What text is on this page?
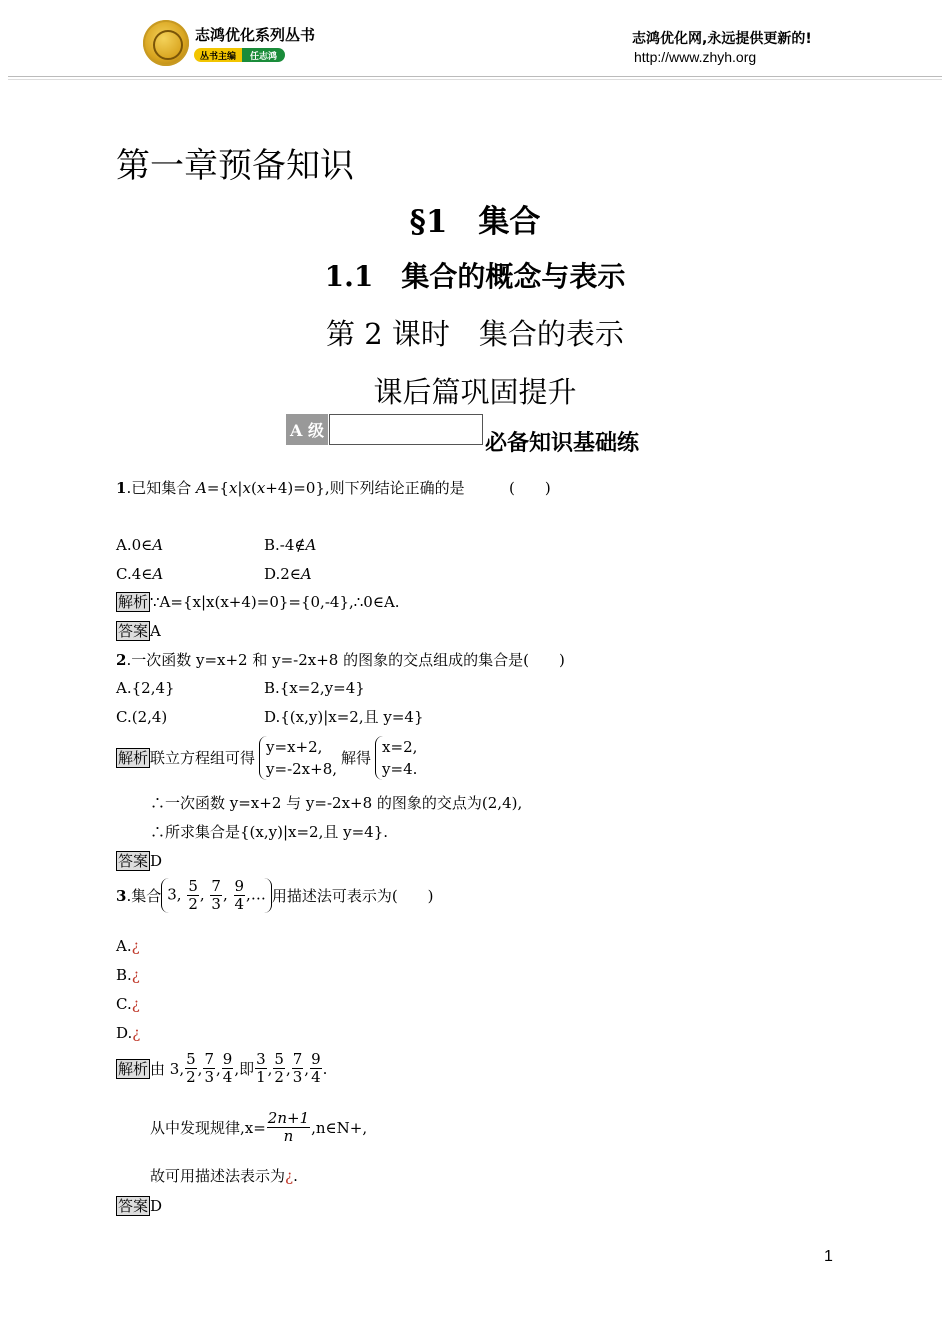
志鸿优化系列丛书
丛书主编	任志鸿
志鸿优化网,永远提供更新的!
http://www.zhyh.org
第一章预备知识
§1　集合
1.1　集合的概念与表示
第 2 课时　集合的表示
课后篇巩固提升
A 级
必备知识基础练
1.已知集合 A={x|x(x+4)=0},则下列结论正确的是	(　　)
A.0∈A	B.-4∉A
C.4∈A	D.2∈A
解析 ∵A={x|x(x+4)=0}={0,-4},∴0∈A.
答案 A
2.一次函数 y=x+2 和 y=-2x+8 的图象的交点组成的集合是(　　)
A.{2,4}	B.{x=2,y=4}
C.(2,4)	D.{(x,y)|x=2,且 y=4}
解析 联立方程组可得
y=x+2,
y=-2x+8,
解得
x=2,
y=4.
∴一次函数 y=x+2 与 y=-2x+8 的图象的交点为(2,4),
∴所求集合是{(x,y)|x=2,且 y=4}.
答案 D
3 .集合 3, $\frac{5}{2}$ , $\frac{7}{3}$ , $\frac{9}{4}$ ,… 用描述法可表示为(　　)
A.¿
B.¿
C.¿
D.¿
解析 由 3, $\frac{5}{2}$ , $\frac{7}{3}$ , $\frac{9}{4}$ ,即 $\frac{3}{1}$ , $\frac{5}{2}$ , $\frac{7}{3}$ , $\frac{9}{4}$ .
从中发现规律$,x= \frac{2n+1}{n}$ ,n∈N+,
故可用描述法表示为¿.
答案 D
1
